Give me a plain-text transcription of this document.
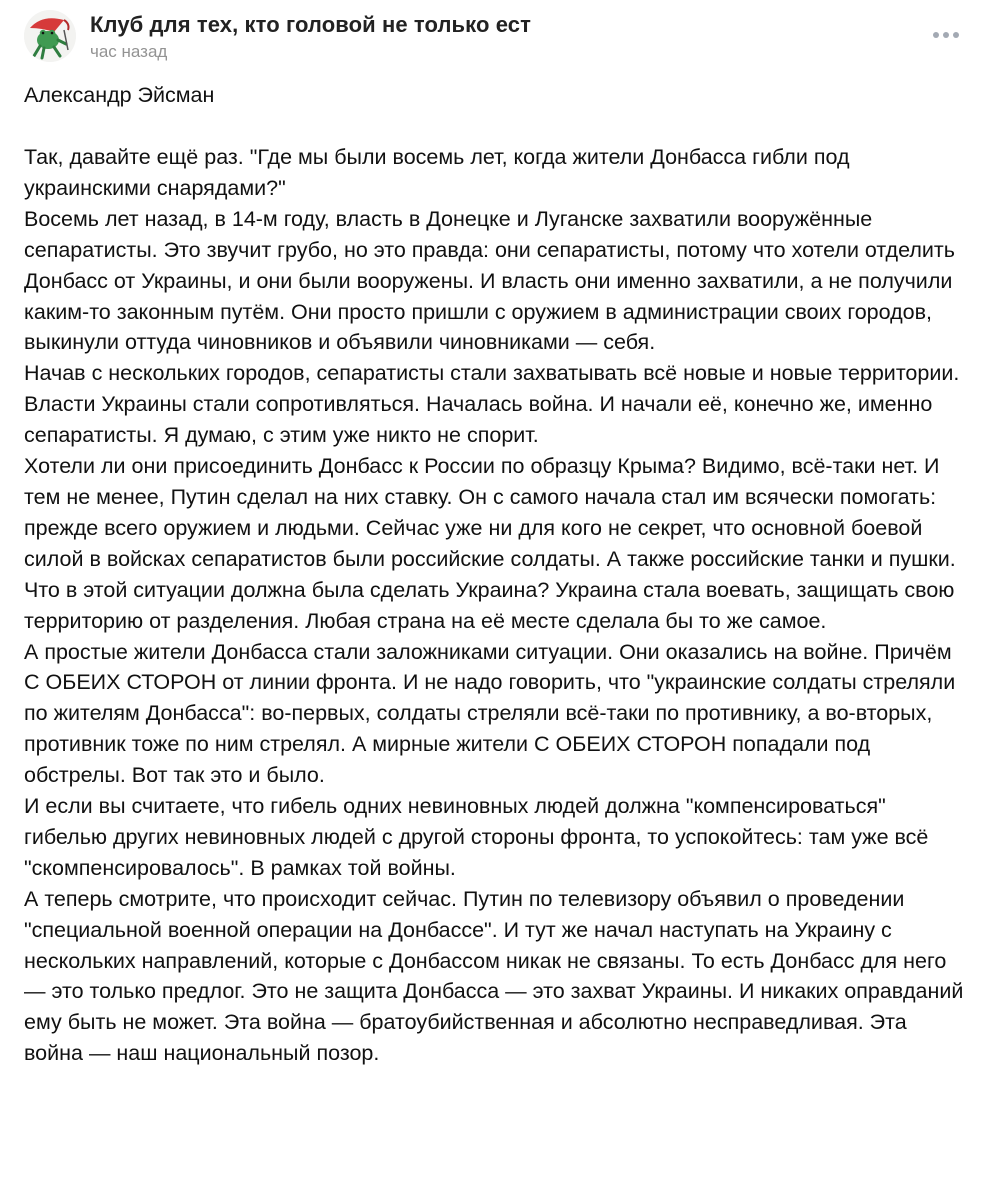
Клуб для тех, кто головой не только ест
час назад
Александр Эйсман

Так, давайте ещё раз. "Где мы были восемь лет, когда жители Донбасса гибли под украинскими снарядами?"

Восемь лет назад, в 14-м году, власть в Донецке и Луганске захватили вооружённые сепаратисты. Это звучит грубо, но это правда: они сепаратисты, потому что хотели отделить Донбасс от Украины, и они были вооружены. И власть они именно захватили, а не получили каким-то законным путём. Они просто пришли с оружием в администрации своих городов, выкинули оттуда чиновников и объявили чиновниками — себя.

Начав с нескольких городов, сепаратисты стали захватывать всё новые и новые территории. Власти Украины стали сопротивляться. Началась война. И начали её, конечно же, именно сепаратисты. Я думаю, с этим уже никто не спорит.

Хотели ли они присоединить Донбасс к России по образцу Крыма? Видимо, всё-таки нет. И тем не менее, Путин сделал на них ставку. Он с самого начала стал им всячески помогать: прежде всего оружием и людьми. Сейчас уже ни для кого не секрет, что основной боевой силой в войсках сепаратистов были российские солдаты. А также российские танки и пушки.

Что в этой ситуации должна была сделать Украина? Украина стала воевать, защищать свою территорию от разделения. Любая страна на её месте сделала бы то же самое.

А простые жители Донбасса стали заложниками ситуации. Они оказались на войне. Причём С ОБЕИХ СТОРОН от линии фронта. И не надо говорить, что "украинские солдаты стреляли по жителям Донбасса": во-первых, солдаты стреляли всё-таки по противнику, а во-вторых, противник тоже по ним стрелял. А мирные жители С ОБЕИХ СТОРОН попадали под обстрелы. Вот так это и было.

И если вы считаете, что гибель одних невиновных людей должна "компенсироваться" гибелью других невиновных людей с другой стороны фронта, то успокойтесь: там уже всё "скомпенсировалось". В рамках той войны.

А теперь смотрите, что происходит сейчас. Путин по телевизору объявил о проведении "специальной военной операции на Донбассе". И тут же начал наступать на Украину с нескольких направлений, которые с Донбассом никак не связаны. То есть Донбасс для него — это только предлог. Это не защита Донбасса — это захват Украины. И никаких оправданий ему быть не может. Эта война — братоубийственная и абсолютно несправедливая. Эта война — наш национальный позор.
